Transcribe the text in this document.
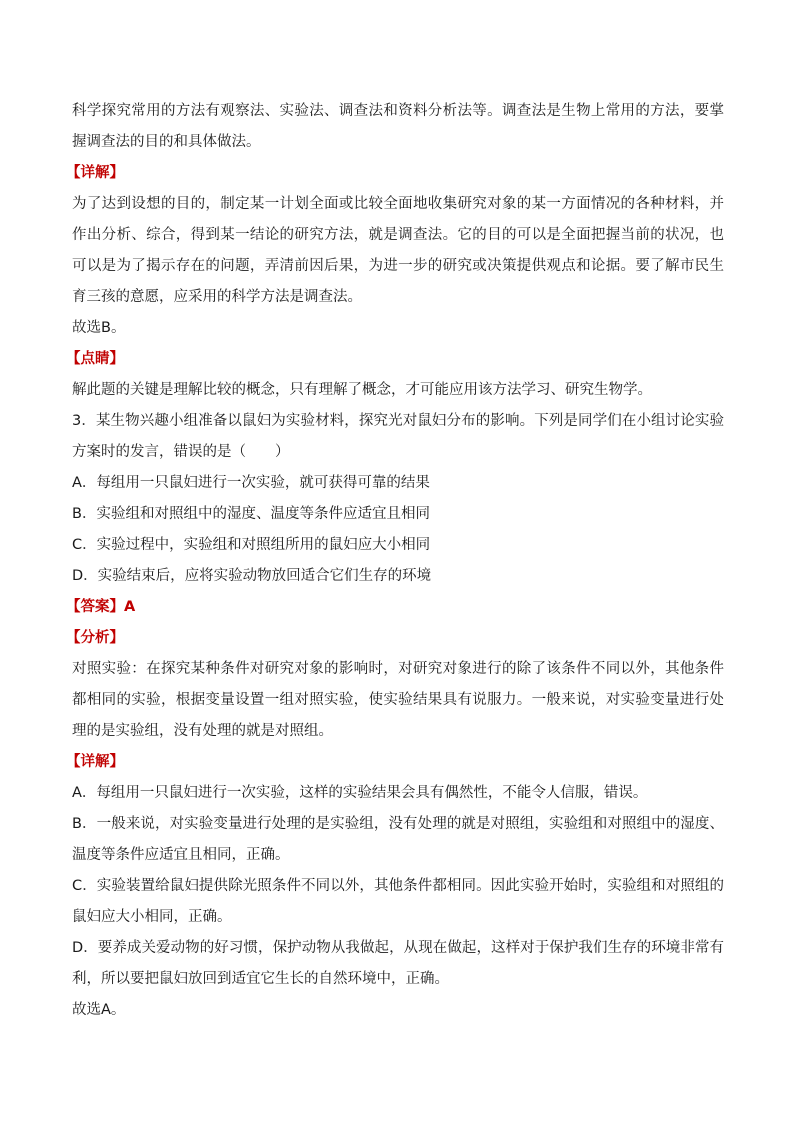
科学探究常用的方法有观察法、实验法、调查法和资料分析法等。调查法是生物上常用的方法，要掌握调查法的目的和具体做法。

【详解】

为了达到设想的目的，制定某一计划全面或比较全面地收集研究对象的某一方面情况的各种材料，并作出分析、综合，得到某一结论的研究方法，就是调查法。它的目的可以是全面把握当前的状况，也可以是为了揭示存在的问题，弄清前因后果，为进一步的研究或决策提供观点和论据。要了解市民生育三孩的意愿，应采用的科学方法是调查法。

故选B。

【点睛】

解此题的关键是理解比较的概念，只有理解了概念，才可能应用该方法学习、研究生物学。

3．某生物兴趣小组准备以鼠妇为实验材料，探究光对鼠妇分布的影响。下列是同学们在小组讨论实验方案时的发言，错误的是（　　）

A．每组用一只鼠妇进行一次实验，就可获得可靠的结果

B．实验组和对照组中的湿度、温度等条件应适宜且相同

C．实验过程中，实验组和对照组所用的鼠妇应大小相同

D．实验结束后，应将实验动物放回适合它们生存的环境

【答案】A

【分析】

对照实验：在探究某种条件对研究对象的影响时，对研究对象进行的除了该条件不同以外，其他条件都相同的实验，根据变量设置一组对照实验，使实验结果具有说服力。一般来说，对实验变量进行处理的是实验组，没有处理的就是对照组。

【详解】

A．每组用一只鼠妇进行一次实验，这样的实验结果会具有偶然性，不能令人信服，错误。

B．一般来说，对实验变量进行处理的是实验组，没有处理的就是对照组，实验组和对照组中的湿度、温度等条件应适宜且相同，正确。

C．实验装置给鼠妇提供除光照条件不同以外，其他条件都相同。因此实验开始时，实验组和对照组的鼠妇应大小相同，正确。

D．要养成关爱动物的好习惯，保护动物从我做起，从现在做起，这样对于保护我们生存的环境非常有利，所以要把鼠妇放回到适宜它生长的自然环境中，正确。

故选A。
